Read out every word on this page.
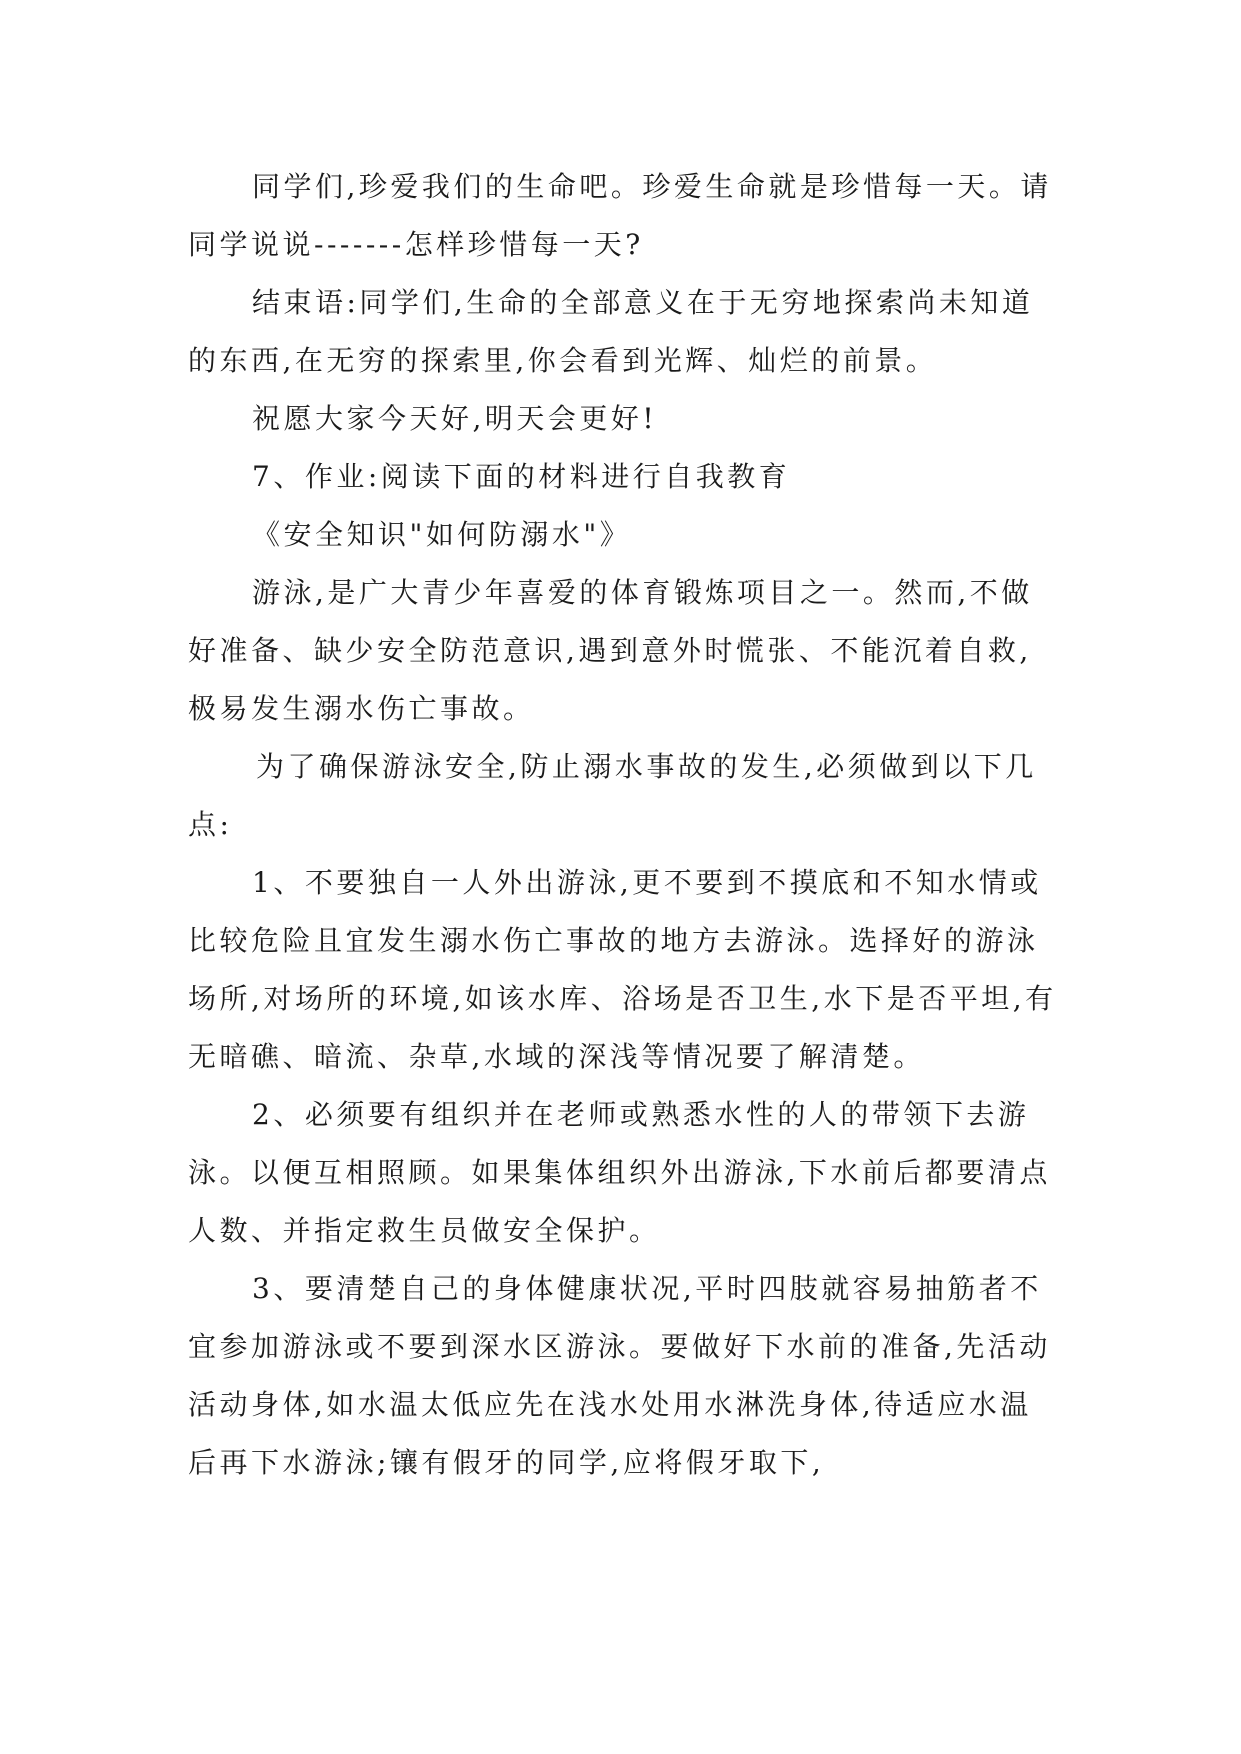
同学们,珍爱我们的生命吧。珍爱生命就是珍惜每一天。请同学说说-------怎样珍惜每一天?

结束语:同学们,生命的全部意义在于无穷地探索尚未知道的东西,在无穷的探索里,你会看到光辉、灿烂的前景。

祝愿大家今天好,明天会更好!

7、作业:阅读下面的材料进行自我教育

《安全知识"如何防溺水"》

游泳,是广大青少年喜爱的体育锻炼项目之一。然而,不做好准备、缺少安全防范意识,遇到意外时慌张、不能沉着自救,极易发生溺水伤亡事故。

为了确保游泳安全,防止溺水事故的发生,必须做到以下几点:

1、不要独自一人外出游泳,更不要到不摸底和不知水情或比较危险且宜发生溺水伤亡事故的地方去游泳。选择好的游泳场所,对场所的环境,如该水库、浴场是否卫生,水下是否平坦,有无暗礁、暗流、杂草,水域的深浅等情况要了解清楚。

2、必须要有组织并在老师或熟悉水性的人的带领下去游泳。以便互相照顾。如果集体组织外出游泳,下水前后都要清点人数、并指定救生员做安全保护。

3、要清楚自己的身体健康状况,平时四肢就容易抽筋者不宜参加游泳或不要到深水区游泳。要做好下水前的准备,先活动活动身体,如水温太低应先在浅水处用水淋洗身体,待适应水温后再下水游泳;镶有假牙的同学,应将假牙取下,
